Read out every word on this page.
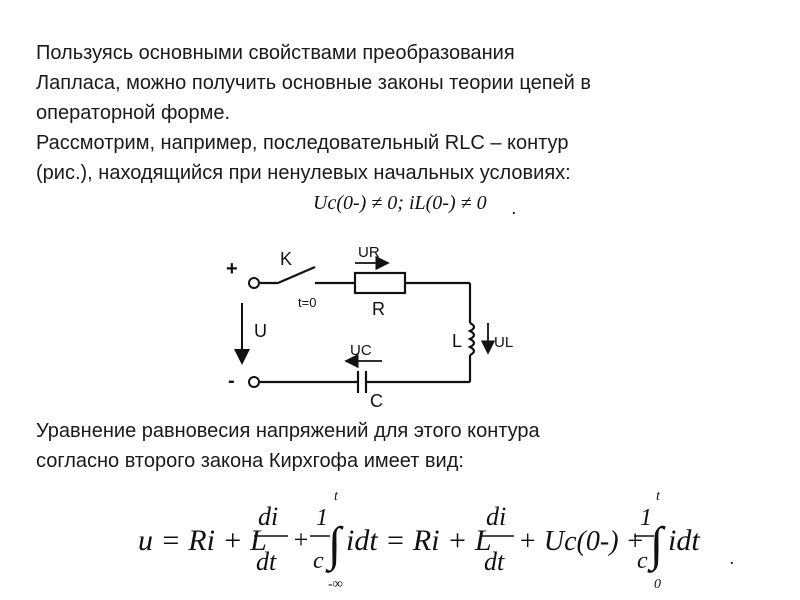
Пользуясь основными свойствами преобразования
Лапласа, можно получить основные законы теории цепей в
операторной форме.
Рассмотрим, например, последовательный RLC – контур
(рис.), находящийся при ненулевых начальных условиях:
Uc(0-) ≠ 0; iL(0-) ≠ 0 .
+
-
K
t=0
U
UR
R
L UL
UC
C
Уравнение равновесия напряжений для этого контура
согласно второго закона Кирхгофа имеет вид:
u = Ri + L
di
dt
+
1
c
t
∫
-∞
idt = Ri + L
di
dt
+ Uc(0-) +
1
c
t
∫
0
idt
.
